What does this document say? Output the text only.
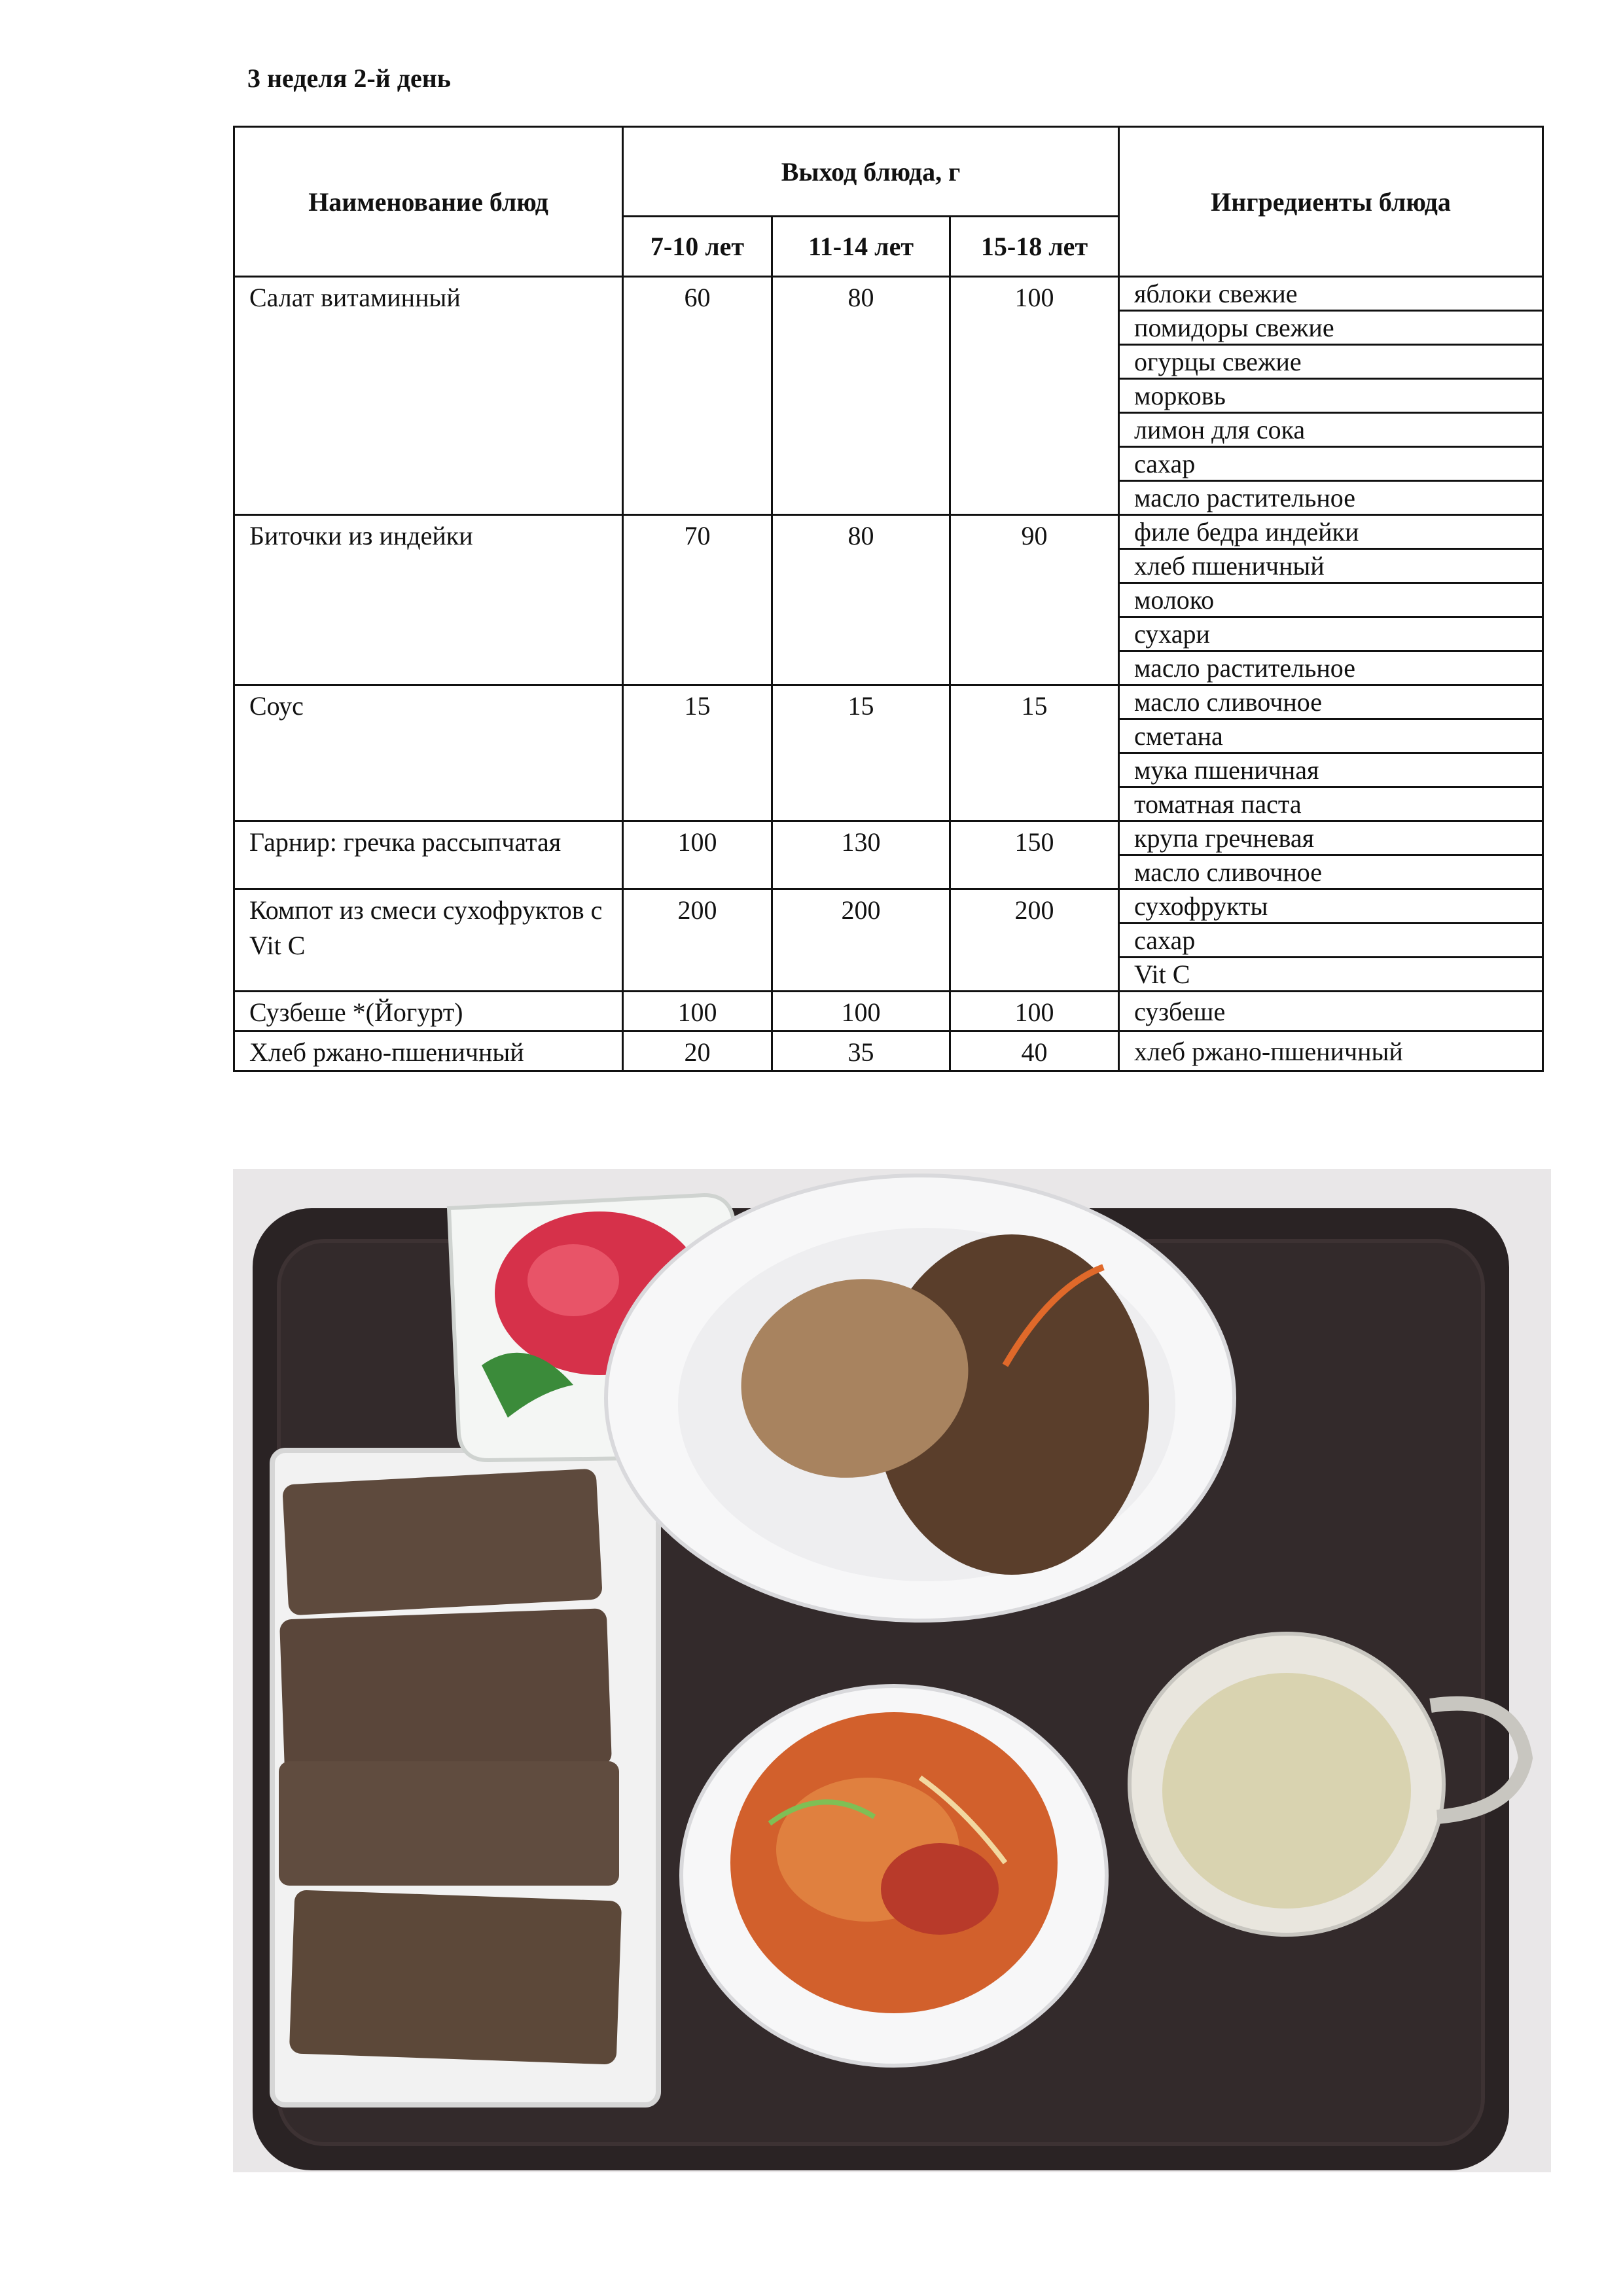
3 неделя 2-й день
Наименование блюд	Выход блюда, г			Ингредиенты блюда
	7-10 лет	11-14 лет	15-18 лет	
Салат витаминный	60	80	100	яблоки свежие
				помидоры свежие
				огурцы свежие
				морковь
				лимон для сока
				сахар
				масло растительное
Биточки из индейки	70	80	90	филе бедра индейки
				хлеб пшеничный
				молоко
				сухари
				масло растительное
Соус	15	15	15	масло сливочное
				сметана
				мука пшеничная
				томатная паста
Гарнир: гречка рассыпчатая	100	130	150	крупа гречневая
				масло сливочное
Компот из смеси сухофруктов с Vit C	200	200	200	сухофрукты
				сахар
				Vit C
Сузбеше *(Йогурт)	100	100	100	сузбеше
Хлеб ржано-пшеничный	20	35	40	хлеб ржано-пшеничный
